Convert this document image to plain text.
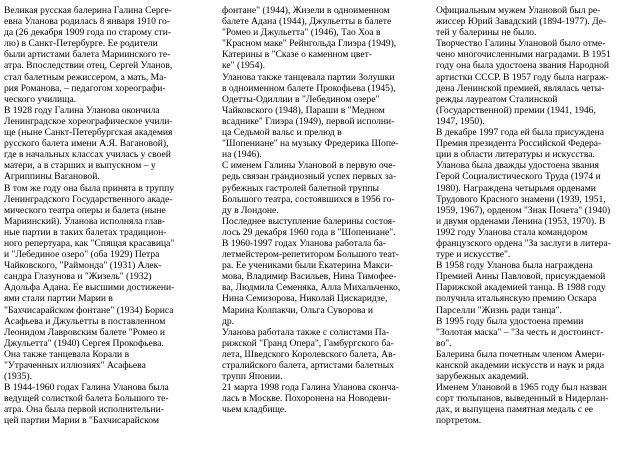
Великая русская балерина Галина Серге-
евна Уланова родилась 8 января 1910 го-
да (26 декабря 1909 года по старому сти-
лю) в Санкт-Петербурге. Ее родители
были артистами балета Мариинского те-
атра. Впоследствии отец, Сергей Уланов,
стал балетным режиссером, а мать, Ма-
рия Романова, – педагогом хореографи-
ческого училища.

В 1928 году Галина Уланова окончила
Ленинградское хореографическое учили-
ще (ныне Санкт-Петербургская академия
русского балета имени А.Я. Вагановой),
где в начальных классах училась у своей
матери, а в старших и выпускном – у
Агриппины Вагановой.

В том же году она была принята в труппу
Ленинградского Государственного акаде-
мического театра оперы и балета (ныне
Мариинский). Уланова исполняла глав-
ные партии в таких балетах традицион-
ного репертуара, как "Спящая красавица"
и "Лебединое озеро" (оба 1929) Петра
Чайковского, "Раймонда" (1931) Алек-
сандра Глазунова и "Жизель" (1932)
Адольфа Адана. Ее высшими достижени-
ями стали партии Марии в
"Бахчисарайском фонтане" (1934) Бориса
Асафьева и Джульетты в поставленном
Леонидом Лавровским балете "Ромео и
Джульетта" (1940) Сергея Прокофьева.
Она также танцевала Корали в
"Утраченных иллюзиях" Асафьева
(1935).

В 1944-1960 годах Галина Уланова была
ведущей солисткой балета Большого те-
атра. Она была первой исполнительни-
цей партии Марии в "Бахчисарайском

фонтане" (1944), Жизели в одноименном
балете Адана (1944), Джульетты в балете
"Ромео и Джульетта" (1946), Тао Хоа в
"Красном маке" Рейнгольда Глиэра (1949),
Катерины в "Сказе о каменном цвет-
ке" (1954).

Уланова также танцевала партии Золушки
в одноименном балете Прокофьева (1945),
Одетты-Одиллии в "Лебедином озере"
Чайковского (1948), Параши в "Медном
всаднике" Глиэра (1949), первой исполни-
ца Седьмой вальс и прелюд в
"Шопениане" на музыку Фредерика Шопе-
на (1946).

С именем Галины Улановой в первую оче-
редь связан грандиозный успех первых за-
рубежных гастролей балетной труппы
Большого театра, состоявшихся в 1956 го-
ду в Лондоне.

Последнее выступление балерины состоя-
лось 29 декабря 1960 года в "Шопениане".

В 1960-1997 годах Уланова работала ба-
летмейстером-репетитором Большого теат-
ра. Ее учениками были Екатерина Макси-
мова, Владимир Васильев, Нина Тимофее-
ва, Людмила Семеняка, Алла Михальченко,
Нина Семизорова, Николай Цискаридзе,
Марина Колпакчи, Ольга Суворова и
др.

Уланова работала также с солистами Па-
рижской "Гранд Опера", Гамбургского ба-
лета, Шведского Королевского балета, Ав-
стралийского балета, артистами балетных
трупп Японии.

21 марта 1998 года Галина Уланова скончa-
лась в Москве. Похоронена на Новодеви-
чьем кладбище.

Официальным мужем Улановой был ре-
жиссер Юрий Завадский (1894-1977). Де-
тей у балерины не было.

Творчество Галины Улановой было отме-
чено многочисленными наградами. В 1951
году она была удостоена звания Народной
артистки СССР. В 1957 году была награж-
дена Ленинской премией, являлась четы-
режды лауреатом Сталинской
(Государственной) премии (1941, 1946,
1947, 1950).

В декабре 1997 года ей была присуждена
Премия президента Российской Федера-
ции в области литературы и искусства.

Уланова была дважды удостоена звания
Герой Социалистического Труда (1974 и
1980). Награждена четырьмя орденами
Трудового Красного знамени (1939, 1951,
1959, 1967), орденом "Знак Почета" (1940)
и двумя орденами Ленина (1953, 1970). В
1992 году Уланова стала командором
французского ордена "За заслуги в литера-
туре и искусстве".

В 1958 году Уланова была награждена
Премией Анны Павловой, присуждаемой
Парижской академией танца. В 1988 году
получила итальянскую премию Оскара
Парселли "Жизнь ради танца".

В 1995 году была удостоена премии
"Золотая маска" – "За честь и достоинст-
во".

Балерина была почетным членом Амери-
канской академии искусств и наук и ряда
зарубежных академий.

Именем Улановой в 1965 году был назван
сорт тюльпанов, выведенный в Нидерлан-
дах, и выпущена памятная медаль с ее
портретом.
